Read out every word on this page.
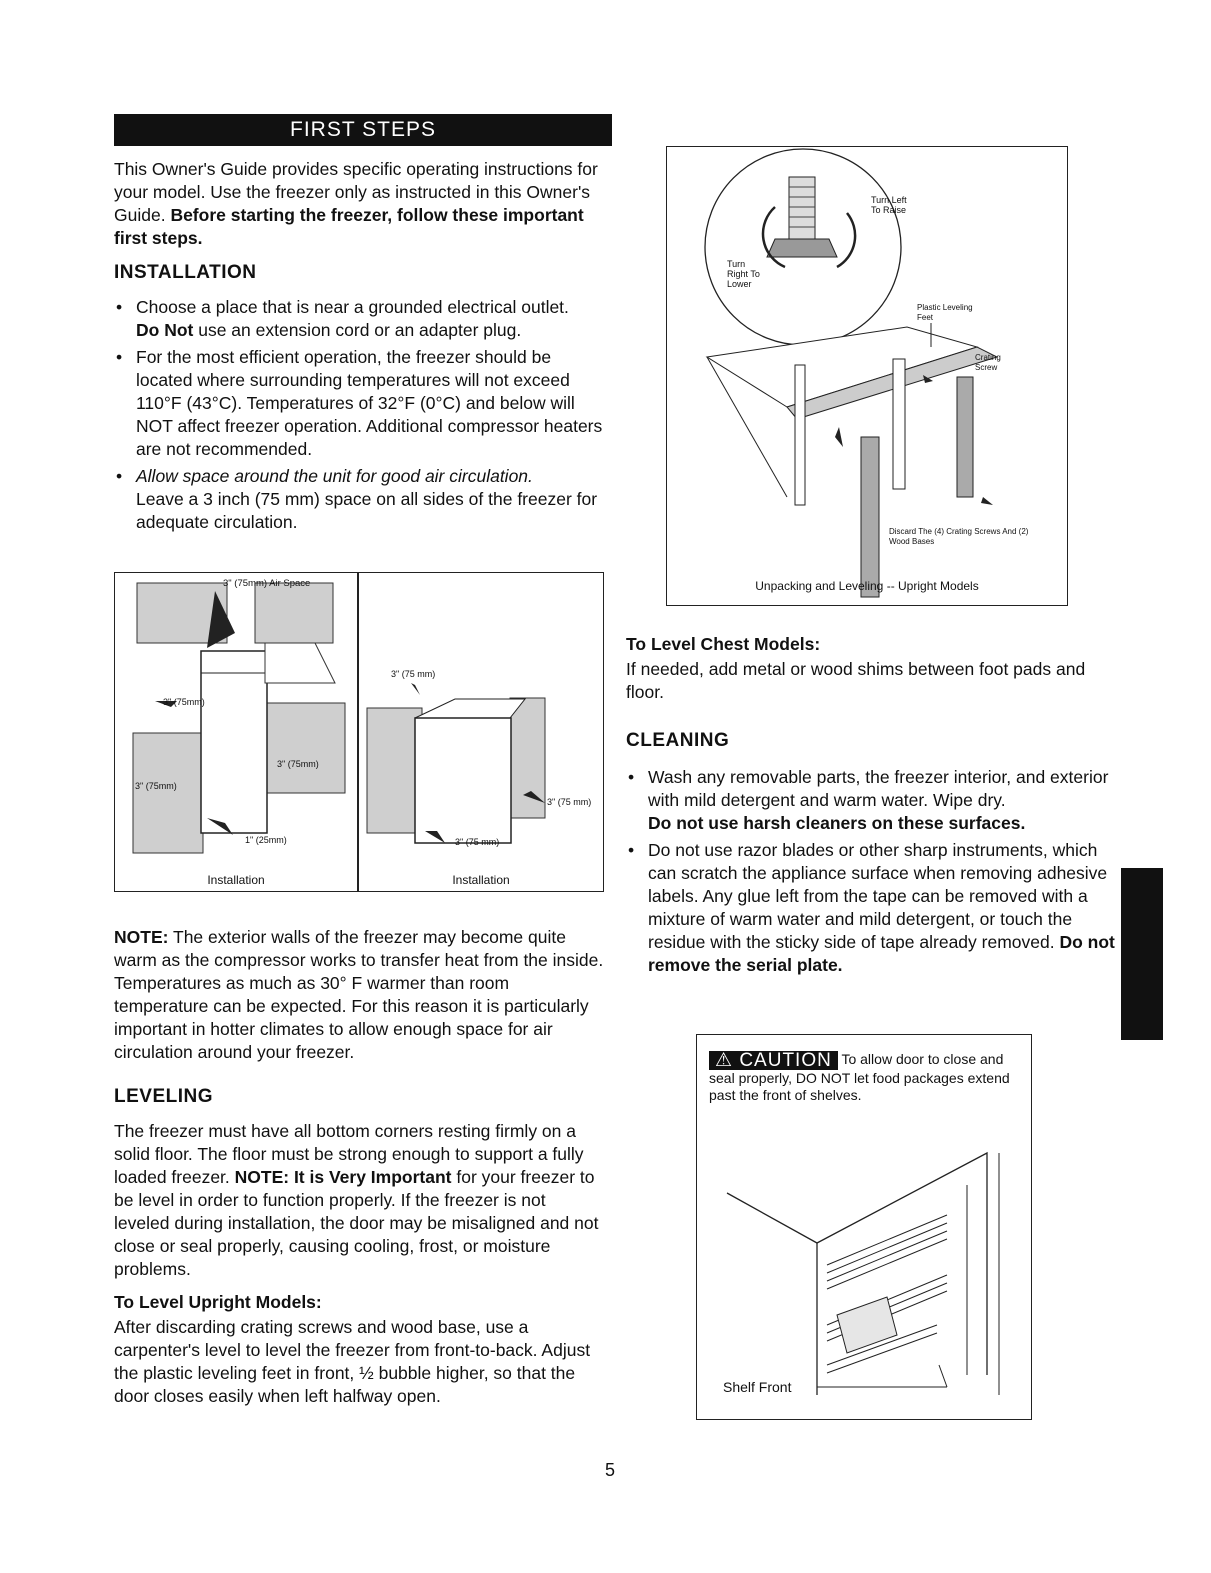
FIRST STEPS
This Owner's Guide provides specific operating instructions for your model. Use the freezer only as instructed in this Owner's Guide. Before starting the freezer, follow these important first steps.
INSTALLATION
• Choose a place that is near a grounded electrical outlet.
Do Not use an extension cord or an adapter plug.
• For the most efficient operation, the freezer should be located where surrounding temperatures will not exceed 110°F (43°C). Temperatures of 32°F (0°C) and below will NOT affect freezer operation. Additional compressor heaters are not recommended.
• Allow space around the unit for good air circulation.
Leave a 3 inch (75 mm) space on all sides of the freezer for adequate circulation.
3" (75mm) Air Space
3" (75mm)
3" (75mm)
3" (75mm)
1" (25mm)
Installation
3" (75 mm)
3" (75 mm)
3" (75 mm)
Installation
NOTE: The exterior walls of the freezer may become quite warm as the compressor works to transfer heat from the inside. Temperatures as much as 30° F warmer than room temperature can be expected. For this reason it is particularly important in hotter climates to allow enough space for air circulation around your freezer.
LEVELING
The freezer must have all bottom corners resting firmly on a solid floor. The floor must be strong enough to support a fully loaded freezer. NOTE: It is Very Important for your freezer to be level in order to function properly. If the freezer is not leveled during installation, the door may be misaligned and not close or seal properly, causing cooling, frost, or moisture problems.
To Level Upright Models:
After discarding crating screws and wood base, use a carpenter's level to level the freezer from front-to-back. Adjust the plastic leveling feet in front, ½ bubble higher, so that the door closes easily when left halfway open.
Turn Left To Raise
Turn Right To Lower
Plastic Leveling Feet
Crating Screw
Discard The (4) Crating Screws And (2) Wood Bases
Unpacking and Leveling -- Upright Models
To Level Chest Models:
If needed, add metal or wood shims between foot pads and floor.
CLEANING
• Wash any removable parts, the freezer interior, and exterior with mild detergent and warm water. Wipe dry.
Do not use harsh cleaners on these surfaces.
• Do not use razor blades or other sharp instruments, which can scratch the appliance surface when removing adhesive labels. Any glue left from the tape can be removed with a mixture of warm water and mild detergent, or touch the residue with the sticky side of tape already removed. Do not remove the serial plate.
⚠ CAUTION To allow door to close and seal properly, DO NOT let food packages extend past the front of shelves.
Shelf Front
5
